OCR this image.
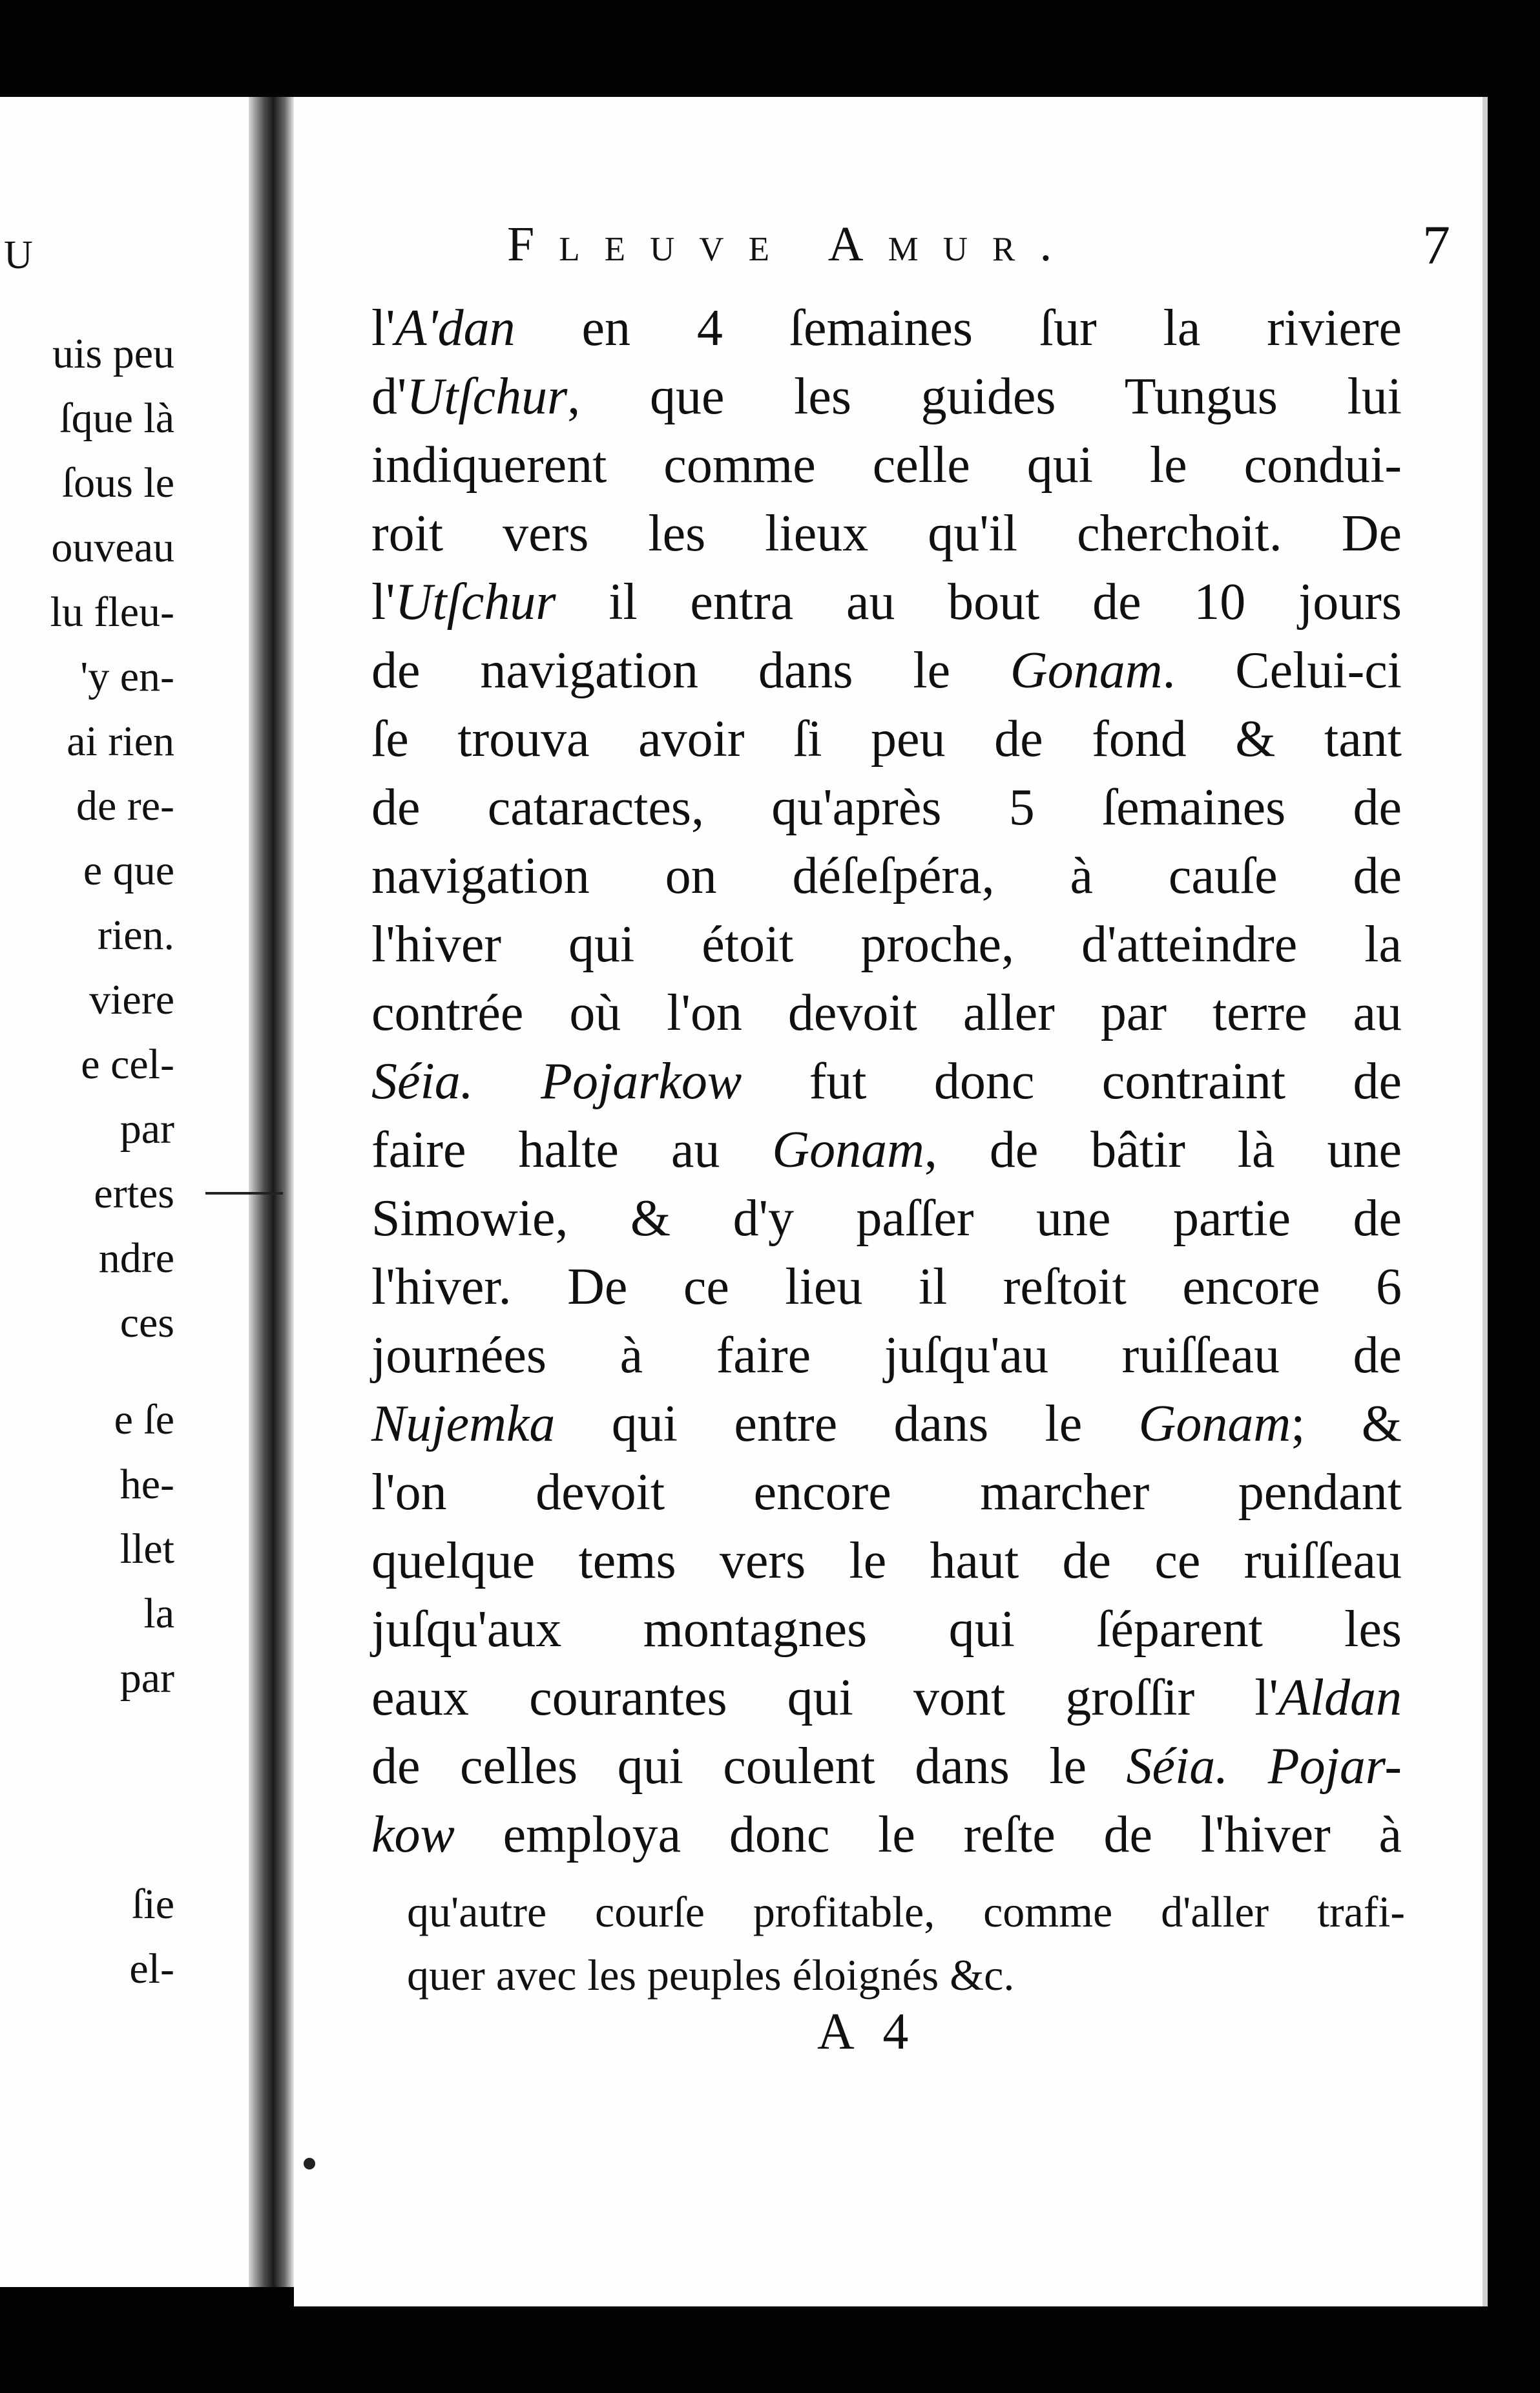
U
uis peu
ſque là
ſous le
ouveau
lu fleu-
'y en-
ai rien
de re-
e que
rien.
viere
e cel-
par
ertes
ndre
ces
e ſe
he-
llet
la
par
ſie
el-
Fleuve Amur.	7
l'A'dan en 4 ſemaines ſur la riviere
d'Utſchur, que les guides Tungus lui
indiquerent comme celle qui le condui-
roit vers les lieux qu'il cherchoit. De
l'Utſchur il entra au bout de 10 jours
de navigation dans le Gonam. Celui-ci
ſe trouva avoir ſi peu de fond & tant
de cataractes, qu'après 5 ſemaines de
navigation on déſeſpéra, à cauſe de
l'hiver qui étoit proche, d'atteindre la
contrée où l'on devoit aller par terre au
Séia. Pojarkow fut donc contraint de
faire halte au Gonam, de bâtir là une
Simowie, & d'y paſſer une partie de
l'hiver. De ce lieu il reſtoit encore 6
journées à faire juſqu'au ruiſſeau de
Nujemka qui entre dans le Gonam; &
l'on devoit encore marcher pendant
quelque tems vers le haut de ce ruiſſeau
juſqu'aux montagnes qui ſéparent les
eaux courantes qui vont groſſir l'Aldan
de celles qui coulent dans le Séia. Pojar-
kow employa donc le reſte de l'hiver à
qu'autre courſe profitable, comme d'aller trafi-
quer avec les peuples éloignés &c.
A 4
